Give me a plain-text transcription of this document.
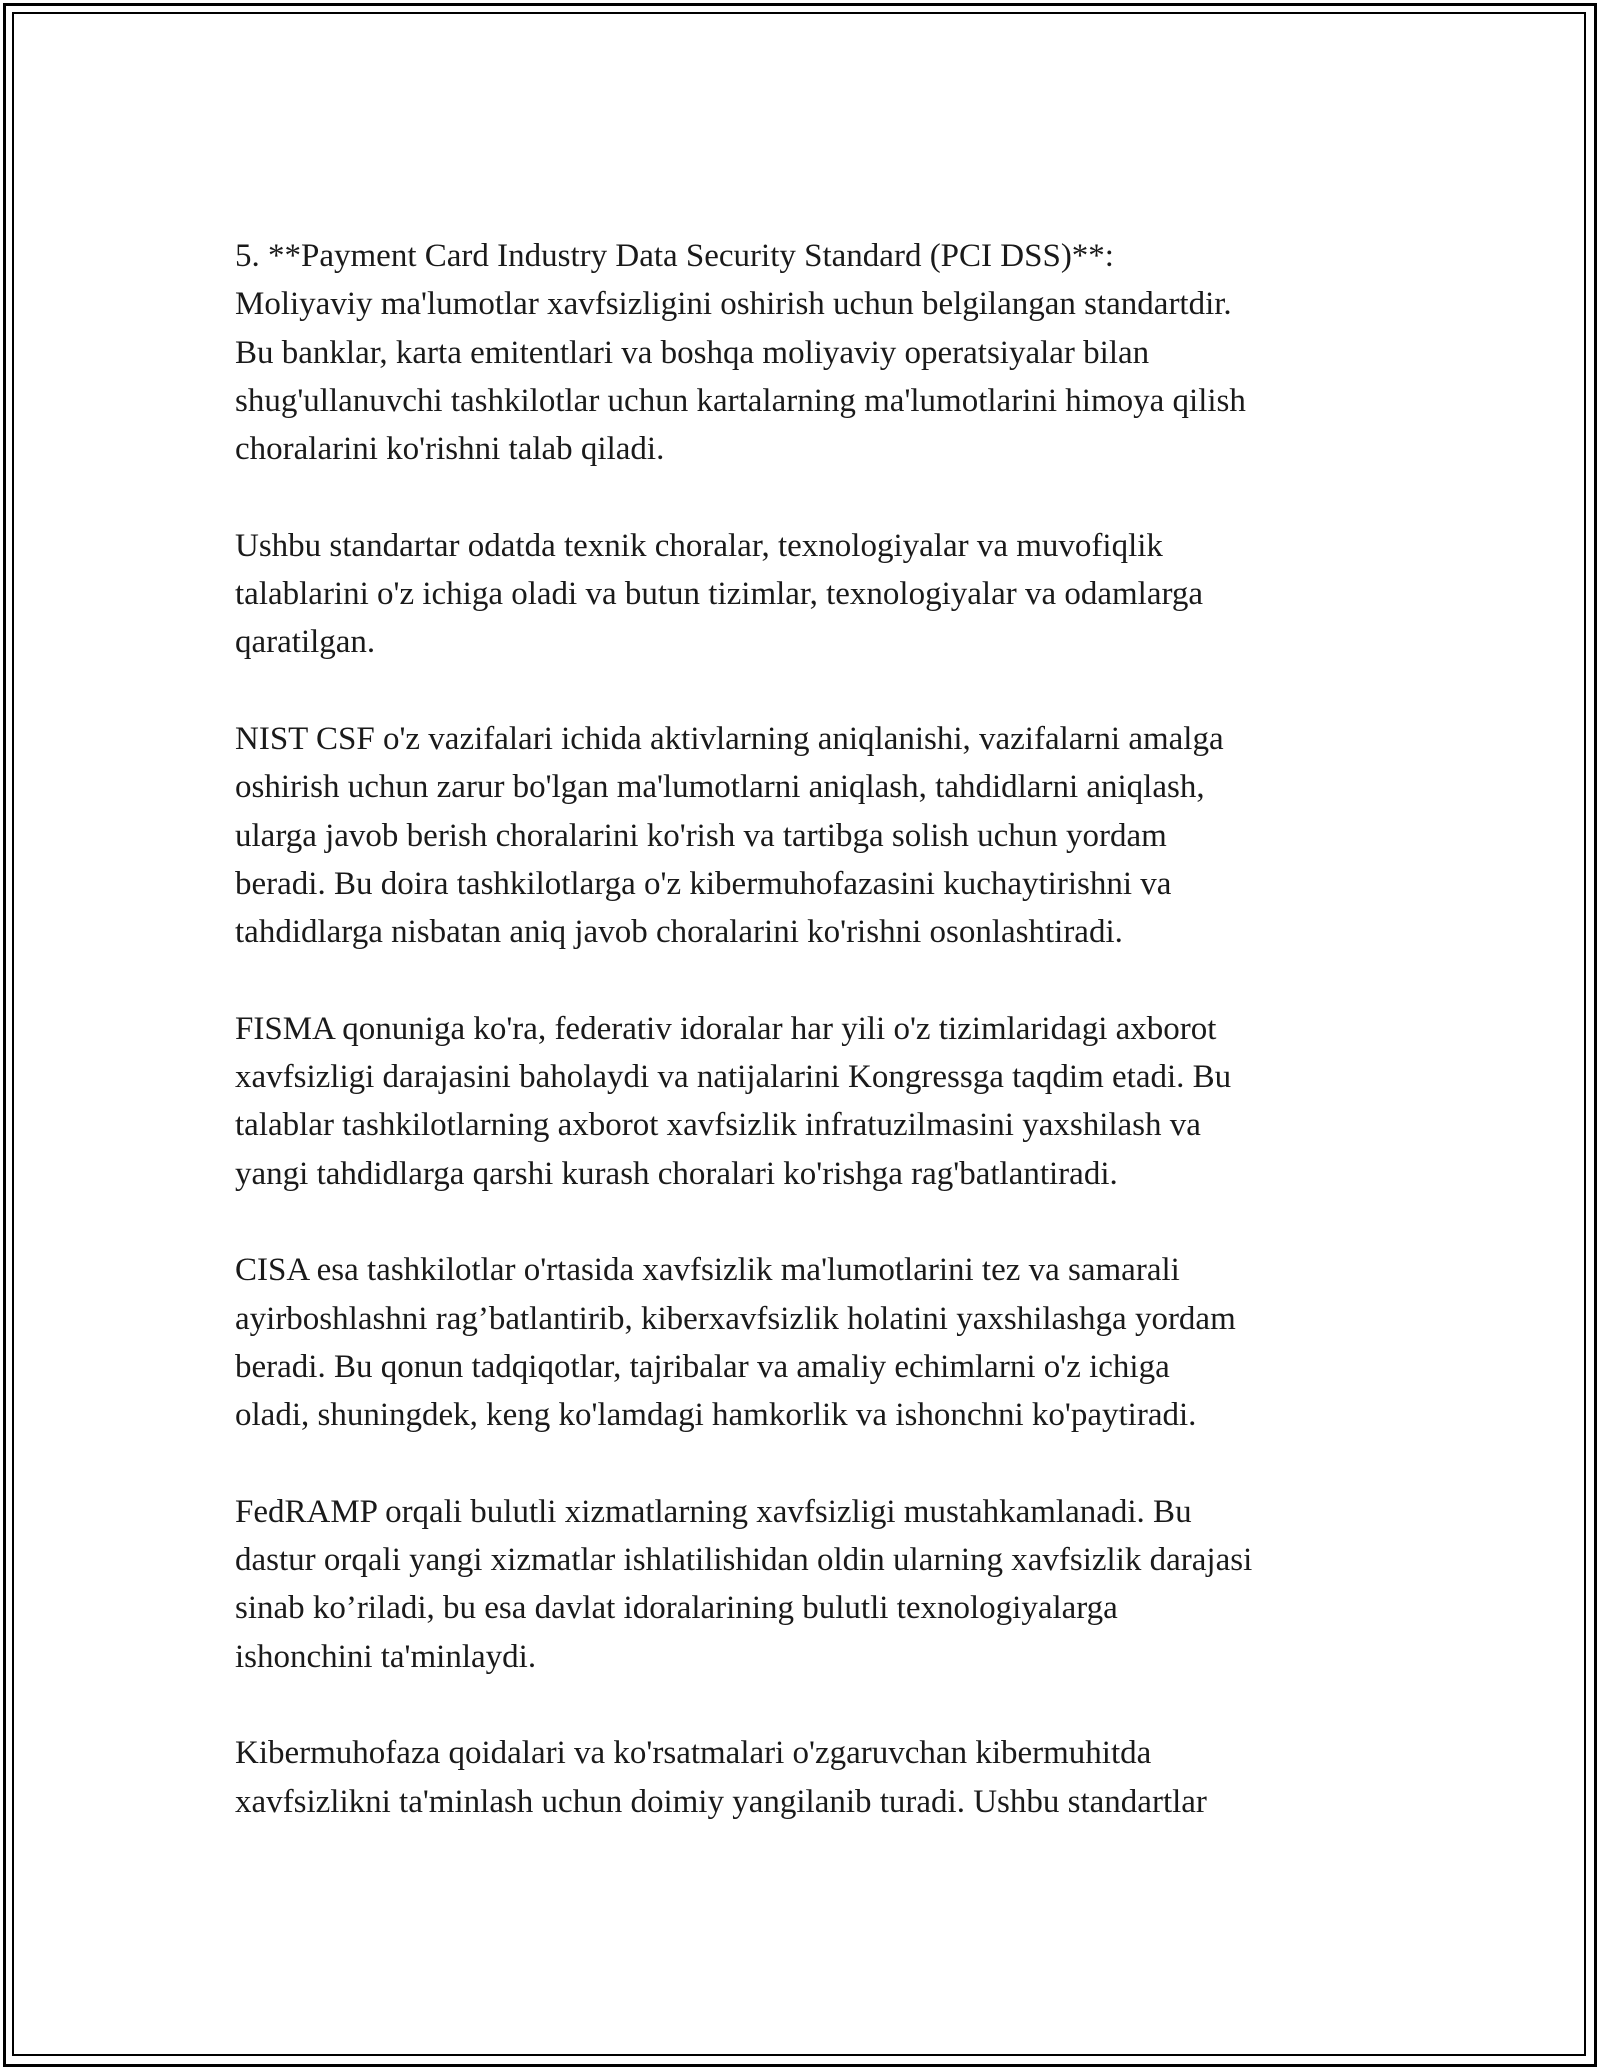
5. **Payment Card Industry Data Security Standard (PCI DSS)**:
Moliyaviy ma'lumotlar xavfsizligini oshirish uchun belgilangan standartdir.
Bu banklar, karta emitentlari va boshqa moliyaviy operatsiyalar bilan
shug'ullanuvchi tashkilotlar uchun kartalarning ma'lumotlarini himoya qilish
choralarini ko'rishni talab qiladi.

Ushbu standartar odatda texnik choralar, texnologiyalar va muvofiqlik
talablarini o'z ichiga oladi va butun tizimlar, texnologiyalar va odamlarga
qaratilgan.

NIST CSF o'z vazifalari ichida aktivlarning aniqlanishi, vazifalarni amalga
oshirish uchun zarur bo'lgan ma'lumotlarni aniqlash, tahdidlarni aniqlash,
ularga javob berish choralarini ko'rish va tartibga solish uchun yordam
beradi. Bu doira tashkilotlarga o'z kibermuhofazasini kuchaytirishni va
tahdidlarga nisbatan aniq javob choralarini ko'rishni osonlashtiradi.

FISMA qonuniga ko'ra, federativ idoralar har yili o'z tizimlaridagi axborot
xavfsizligi darajasini baholaydi va natijalarini Kongressga taqdim etadi. Bu
talablar tashkilotlarning axborot xavfsizlik infratuzilmasini yaxshilash va
yangi tahdidlarga qarshi kurash choralari ko'rishga rag'batlantiradi.

CISA esa tashkilotlar o'rtasida xavfsizlik ma'lumotlarini tez va samarali
ayirboshlashni rag’batlantirib, kiberxavfsizlik holatini yaxshilashga yordam
beradi. Bu qonun tadqiqotlar, tajribalar va amaliy echimlarni o'z ichiga
oladi, shuningdek, keng ko'lamdagi hamkorlik va ishonchni ko'paytiradi.

FedRAMP orqali bulutli xizmatlarning xavfsizligi mustahkamlanadi. Bu
dastur orqali yangi xizmatlar ishlatilishidan oldin ularning xavfsizlik darajasi
sinab ko’riladi, bu esa davlat idoralarining bulutli texnologiyalarga
ishonchini ta'minlaydi.

Kibermuhofaza qoidalari va ko'rsatmalari o'zgaruvchan kibermuhitda
xavfsizlikni ta'minlash uchun doimiy yangilanib turadi. Ushbu standartlar
